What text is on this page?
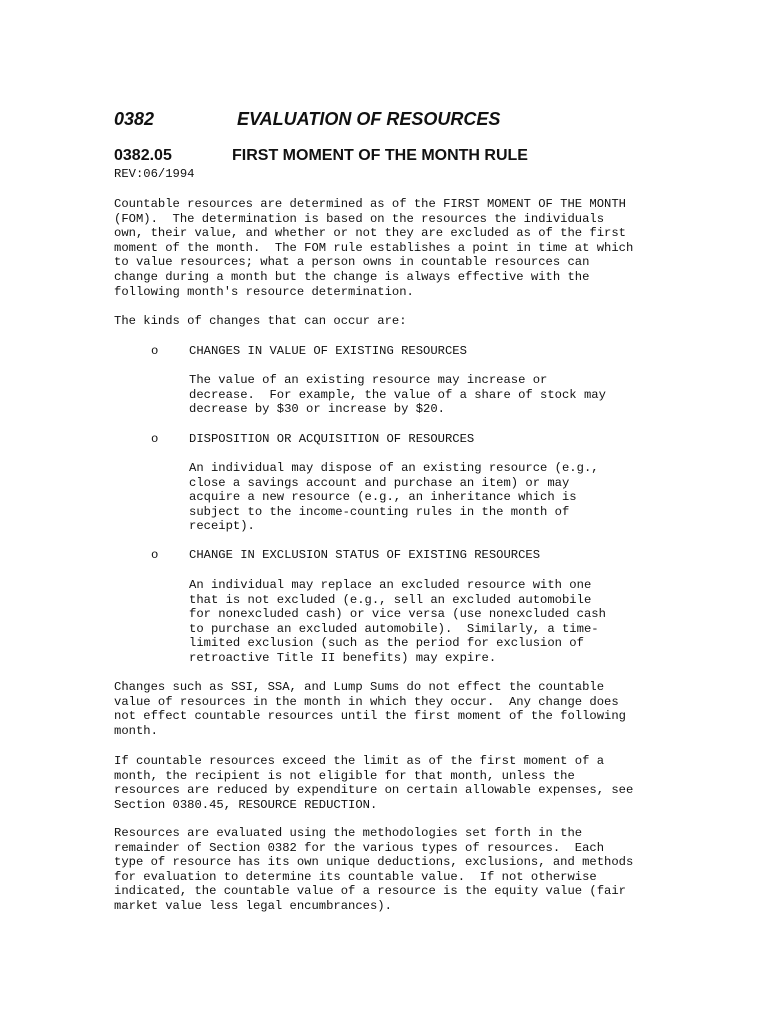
0382	EVALUATION OF RESOURCES
0382.05	FIRST MOMENT OF THE MONTH RULE
REV:06/1994
Countable resources are determined as of the FIRST MOMENT OF THE MONTH
(FOM).  The determination is based on the resources the individuals
own, their value, and whether or not they are excluded as of the first
moment of the month.  The FOM rule establishes a point in time at which
to value resources; what a person owns in countable resources can
change during a month but the change is always effective with the
following month's resource determination.
The kinds of changes that can occur are:
o	CHANGES IN VALUE OF EXISTING RESOURCES
The value of an existing resource may increase or
decrease.  For example, the value of a share of stock may
decrease by $30 or increase by $20.
o	DISPOSITION OR ACQUISITION OF RESOURCES
An individual may dispose of an existing resource (e.g.,
close a savings account and purchase an item) or may
acquire a new resource (e.g., an inheritance which is
subject to the income-counting rules in the month of
receipt).
o	CHANGE IN EXCLUSION STATUS OF EXISTING RESOURCES
An individual may replace an excluded resource with one
that is not excluded (e.g., sell an excluded automobile
for nonexcluded cash) or vice versa (use nonexcluded cash
to purchase an excluded automobile).  Similarly, a time-
limited exclusion (such as the period for exclusion of
retroactive Title II benefits) may expire.
Changes such as SSI, SSA, and Lump Sums do not effect the countable
value of resources in the month in which they occur.  Any change does
not effect countable resources until the first moment of the following
month.
If countable resources exceed the limit as of the first moment of a
month, the recipient is not eligible for that month, unless the
resources are reduced by expenditure on certain allowable expenses, see
Section 0380.45, RESOURCE REDUCTION.
Resources are evaluated using the methodologies set forth in the
remainder of Section 0382 for the various types of resources.  Each
type of resource has its own unique deductions, exclusions, and methods
for evaluation to determine its countable value.  If not otherwise
indicated, the countable value of a resource is the equity value (fair
market value less legal encumbrances).
